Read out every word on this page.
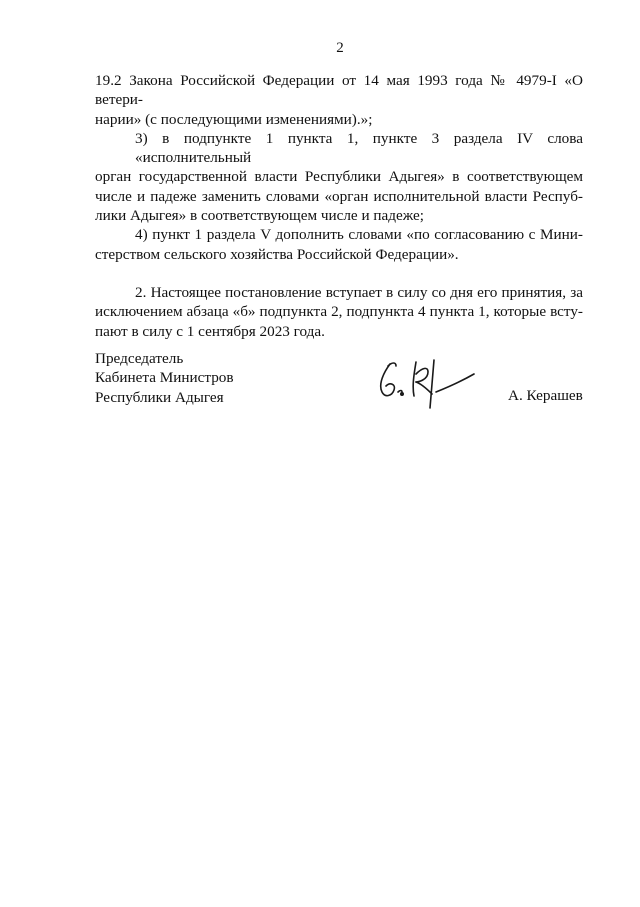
2
19.2 Закона Российской Федерации от 14 мая 1993 года № 4979-I «О ветери-
нарии» (с последующими изменениями).»;
3) в подпункте 1 пункта 1, пункте 3 раздела IV слова «исполнительный
орган государственной власти Республики Адыгея» в соответствующем
числе и падеже заменить словами «орган исполнительной власти Респуб-
лики Адыгея» в соответствующем числе и падеже;
4) пункт 1 раздела V дополнить словами «по согласованию с Мини-
стерством сельского хозяйства Российской Федерации».
2. Настоящее постановление вступает в силу со дня его принятия, за
исключением абзаца «б» подпункта 2, подпункта 4 пункта 1, которые всту-
пают в силу с 1 сентября 2023 года.
Председатель
Кабинета Министров
Республики Адыгея	А. Керашев
